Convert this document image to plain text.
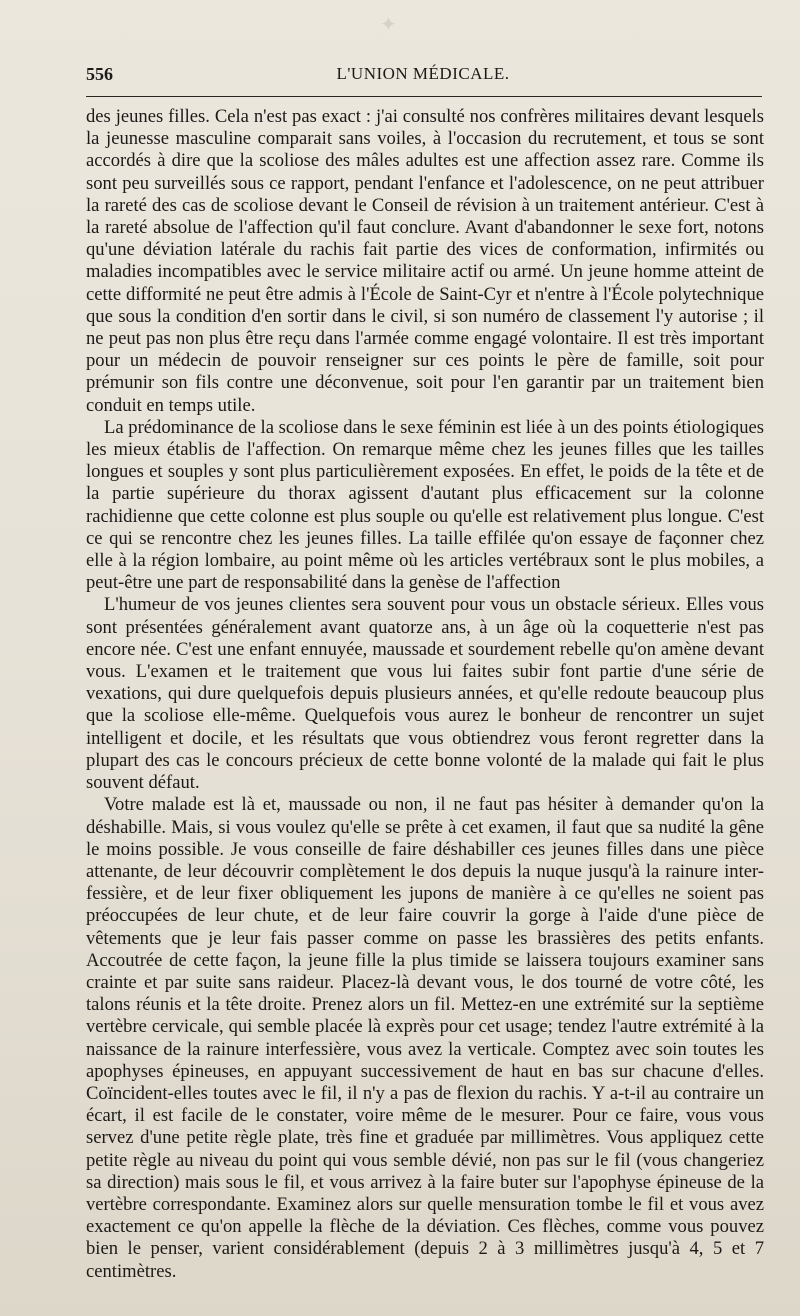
✦
556	L'UNION MÉDICALE.

des jeunes filles. Cela n'est pas exact : j'ai consulté nos confrères militaires devant lesquels la jeunesse masculine comparait sans voiles, à l'occasion du recrutement, et tous se sont accordés à dire que la scoliose des mâles adultes est une affection assez rare. Comme ils sont peu surveillés sous ce rapport, pendant l'enfance et l'adolescence, on ne peut attribuer la rareté des cas de scoliose devant le Conseil de révision à un traitement antérieur. C'est à la rareté absolue de l'affection qu'il faut conclure. Avant d'abandonner le sexe fort, notons qu'une déviation latérale du rachis fait partie des vices de conformation, infirmités ou maladies incompatibles avec le service militaire actif ou armé. Un jeune homme atteint de cette difformité ne peut être admis à l'École de Saint-Cyr et n'entre à l'École polytechnique que sous la condition d'en sortir dans le civil, si son numéro de classement l'y autorise ; il ne peut pas non plus être reçu dans l'armée comme engagé volontaire. Il est très important pour un médecin de pouvoir renseigner sur ces points le père de famille, soit pour prémunir son fils contre une déconvenue, soit pour l'en garantir par un traitement bien conduit en temps utile.

La prédominance de la scoliose dans le sexe féminin est liée à un des points étiologiques les mieux établis de l'affection. On remarque même chez les jeunes filles que les tailles longues et souples y sont plus particulièrement exposées. En effet, le poids de la tête et de la partie supérieure du thorax agissent d'autant plus efficacement sur la colonne rachidienne que cette colonne est plus souple ou qu'elle est relativement plus longue. C'est ce qui se rencontre chez les jeunes filles. La taille effilée qu'on essaye de façonner chez elle à la région lombaire, au point même où les articles vertébraux sont le plus mobiles, a peut-être une part de responsabilité dans la genèse de l'affection

L'humeur de vos jeunes clientes sera souvent pour vous un obstacle sérieux. Elles vous sont présentées généralement avant quatorze ans, à un âge où la coquetterie n'est pas encore née. C'est une enfant ennuyée, maussade et sourdement rebelle qu'on amène devant vous. L'examen et le traitement que vous lui faites subir font partie d'une série de vexations, qui dure quelquefois depuis plusieurs années, et qu'elle redoute beaucoup plus que la scoliose elle-même. Quelquefois vous aurez le bonheur de rencontrer un sujet intelligent et docile, et les résultats que vous obtiendrez vous feront regretter dans la plupart des cas le concours précieux de cette bonne volonté de la malade qui fait le plus souvent défaut.

Votre malade est là et, maussade ou non, il ne faut pas hésiter à demander qu'on la déshabille. Mais, si vous voulez qu'elle se prête à cet examen, il faut que sa nudité la gêne le moins possible. Je vous conseille de faire déshabiller ces jeunes filles dans une pièce attenante, de leur découvrir complètement le dos depuis la nuque jusqu'à la rainure inter-fessière, et de leur fixer obliquement les jupons de manière à ce qu'elles ne soient pas préoccupées de leur chute, et de leur faire couvrir la gorge à l'aide d'une pièce de vêtements que je leur fais passer comme on passe les brassières des petits enfants. Accoutrée de cette façon, la jeune fille la plus timide se laissera toujours examiner sans crainte et par suite sans raideur. Placez-là devant vous, le dos tourné de votre côté, les talons réunis et la tête droite. Prenez alors un fil. Mettez-en une extrémité sur la septième vertèbre cervicale, qui semble placée là exprès pour cet usage; tendez l'autre extrémité à la naissance de la rainure interfessière, vous avez la verticale. Comptez avec soin toutes les apophyses épineuses, en appuyant successivement de haut en bas sur chacune d'elles. Coïncident-elles toutes avec le fil, il n'y a pas de flexion du rachis. Y a-t-il au contraire un écart, il est facile de le constater, voire même de le mesurer. Pour ce faire, vous vous servez d'une petite règle plate, très fine et graduée par millimètres. Vous appliquez cette petite règle au niveau du point qui vous semble dévié, non pas sur le fil (vous changeriez sa direction) mais sous le fil, et vous arrivez à la faire buter sur l'apophyse épineuse de la vertèbre correspondante. Examinez alors sur quelle mensuration tombe le fil et vous avez exactement ce qu'on appelle la flèche de la déviation. Ces flèches, comme vous pouvez bien le penser, varient considérablement (depuis 2 à 3 millimètres jusqu'à 4, 5 et 7 centimètres.
